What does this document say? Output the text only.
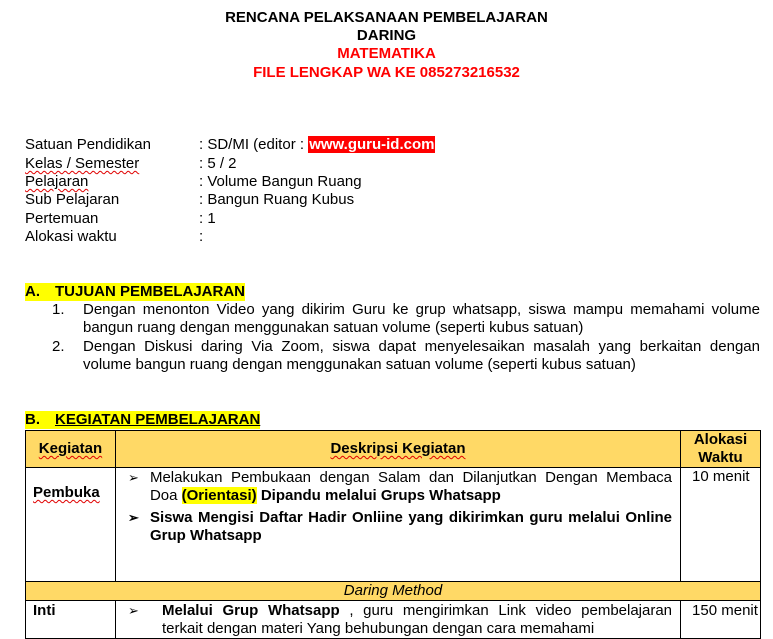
RENCANA PELAKSANAAN PEMBELAJARAN
DARING
MATEMATIKA
FILE LENGKAP WA KE 085273216532
Satuan Pendidikan	: SD/MI (editor : www.guru-id.com
Kelas / Semester	: 5 / 2
Pelajaran	: Volume Bangun Ruang
Sub Pelajaran	: Bangun Ruang Kubus
Pertemuan	: 1
Alokasi waktu	:
A. TUJUAN PEMBELAJARAN
1. Dengan menonton Video yang dikirim Guru ke grup whatsapp, siswa mampu memahami volume bangun ruang dengan menggunakan satuan volume (seperti kubus satuan)
2. Dengan Diskusi daring Via Zoom, siswa dapat menyelesaikan masalah yang berkaitan dengan volume bangun ruang dengan menggunakan satuan volume (seperti kubus satuan)
B. KEGIATAN PEMBELAJARAN
Kegiatan	Deskripsi Kegiatan	Alokasi Waktu
Pembuka	➢ Melakukan Pembukaan dengan Salam dan Dilanjutkan Dengan Membaca Doa (Orientasi) Dipandu melalui Grups Whatsapp
➢ Siswa Mengisi Daftar Hadir Onliine yang dikirimkan guru melalui Online Grup Whatsapp	10 menit
Daring Method		
Inti	➢ Melalui Grup Whatsapp , guru mengirimkan Link video pembelajaran terkait dengan materi Yang behubungan dengan cara memahami	150 menit
